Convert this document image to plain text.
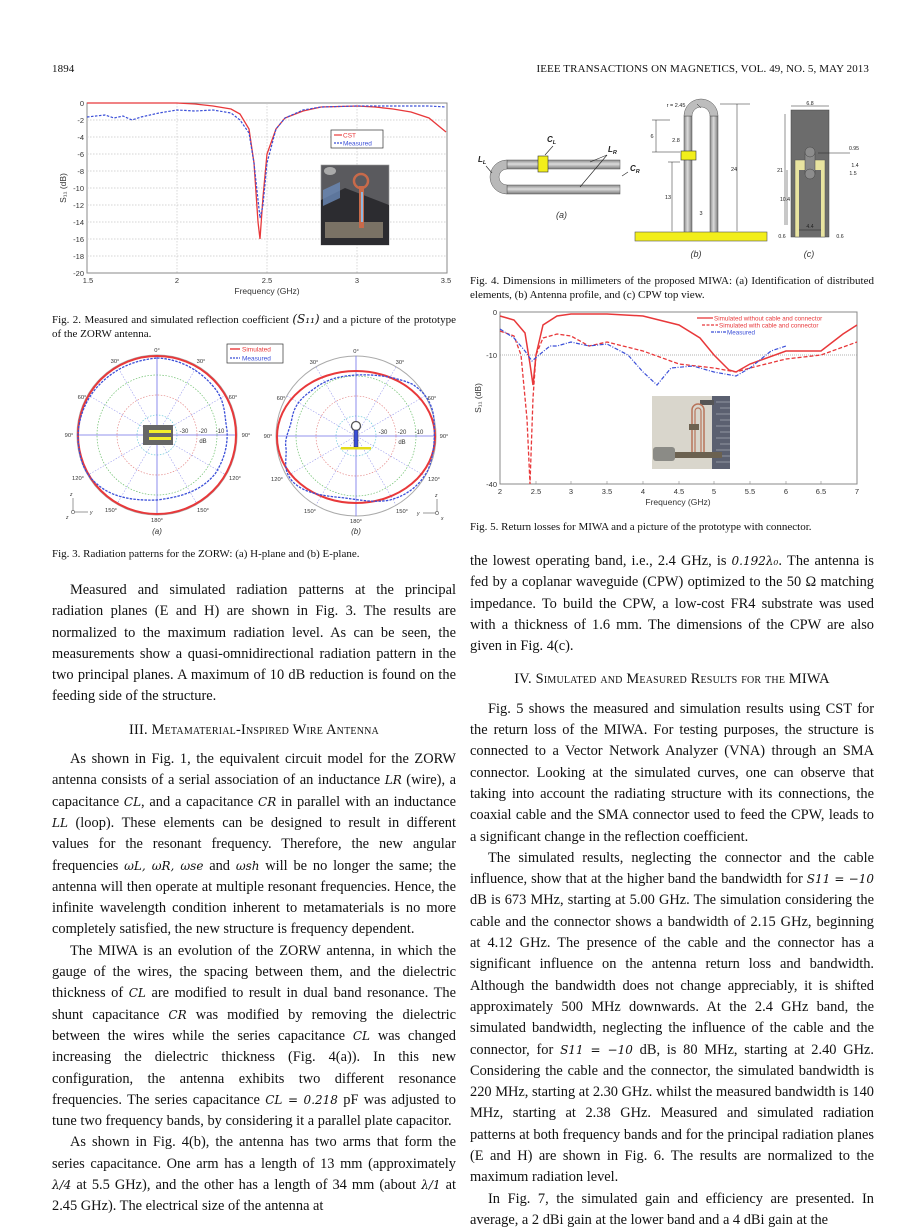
1894	IEEE TRANSACTIONS ON MAGNETICS, VOL. 49, NO. 5, MAY 2013
0
-2
-4
-6
-8
-10
-12
-14
-16
-18
-20
1.5	2	2.5	3	3.5
Frequency (GHz)
S₁₁ (dB)
CST
Measured
Fig. 2. Measured and simulated reflection coefficient (S₁₁) and a picture of the prototype of the ZORW antenna.
0°
30°	30°
60°	60°
90°	90°
120°	120°
150°	150°
180°
-30 -20 -10
dB
z
y
z
0°
30°	30°
60°	60°
90°	90°
120°	120°
150°	150°
180°
-30 -20 -10
dB
z
y
x
Simulated
Measured
(a)	(b)
Fig. 3. Radiation patterns for the ZORW: (a) H-plane and (b) E-plane.

Measured and simulated radiation patterns at the principal radiation planes (E and H) are shown in Fig. 3. The results are normalized to the maximum radiation level. As can be seen, the measurements show a quasi-omnidirectional radiation pattern in the two principal planes. A maximum of 10 dB reduction is found on the feeding side of the structure.

III. Metamaterial-Inspired Wire Antenna

As shown in Fig. 1, the equivalent circuit model for the ZORW antenna consists of a serial association of an inductance LR (wire), a capacitance CL, and a capacitance CR in parallel with an inductance LL (loop). These elements can be designed to result in different values for the resonant frequency. Therefore, the new angular frequencies ωL, ωR, ωse and ωsh will be no longer the same; the antenna will then operate at multiple resonant frequencies. Hence, the infinite wavelength condition inherent to metamaterials is no more completely satisfied, the new structure is frequency dependent.

The MIWA is an evolution of the ZORW antenna, in which the gauge of the wires, the spacing between them, and the dielectric thickness of CL are modified to result in dual band resonance. The shunt capacitance CR was modified by removing the dielectric between the wires while the series capacitance CL was changed increasing the dielectric thickness (Fig. 4(a)). In this new configuration, the antenna exhibits two different resonance frequencies. The series capacitance CL = 0.218 pF was adjusted to tune two frequency bands, by considering it a parallel plate capacitor.

As shown in Fig. 4(b), the antenna has two arms that form the series capacitance. One arm has a length of 13 mm (approximately λ/4 at 5.5 GHz), and the other has a length of 34 mm (about λ/1 at 2.45 GHz). The electrical size of the antenna at

$C_L$
$L_R$
$L_L$
$C_R$
(a)
r = 2.45
6
2.8
24
13
3
(b)
6.8
0.95
21
1.4
1.5
10.4
4.4
0.6	0.6
(c)
Fig. 4. Dimensions in millimeters of the proposed MIWA: (a) Identification of distributed elements, (b) Antenna profile, and (c) CPW top view.
0
-10
-40
2	2.5	3	3.5	4	4.5	5	5.5	6	6.5	7
Frequency (GHz)
S₁₁ (dB)
Simulated without cable and connector
Simulated with cable and connector
Measured
Fig. 5. Return losses for MIWA and a picture of the prototype with connector.

the lowest operating band, i.e., 2.4 GHz, is 0.192λ₀. The antenna is fed by a coplanar waveguide (CPW) optimized to the 50 Ω matching impedance. To build the CPW, a low-cost FR4 substrate was used with a thickness of 1.6 mm. The dimensions of the CPW are also given in Fig. 4(c).

IV. Simulated and Measured Results for the MIWA

Fig. 5 shows the measured and simulation results using CST for the return loss of the MIWA. For testing purposes, the structure is connected to a Vector Network Analyzer (VNA) through an SMA connector. Looking at the simulated curves, one can observe that taking into account the radiating structure with its connections, the coaxial cable and the SMA connector used to feed the CPW, leads to a significant change in the reflection coefficient.

The simulated results, neglecting the connector and the cable influence, show that at the higher band the bandwidth for S11 = −10 dB is 673 MHz, starting at 5.00 GHz. The simulation considering the cable and the connector shows a bandwidth of 2.15 GHz, beginning at 4.12 GHz. The presence of the cable and the connector has a significant influence on the antenna return loss and bandwidth. Although the bandwidth does not change appreciably, it is shifted approximately 500 MHz downwards. At the 2.4 GHz band, the simulated bandwidth, neglecting the influence of the cable and the connector, for S11 = −10 dB, is 80 MHz, starting at 2.40 GHz. Considering the cable and the connector, the simulated bandwidth is 220 MHz, starting at 2.30 GHz. whilst the measured bandwidth is 140 MHz, starting at 2.38 GHz. Measured and simulated radiation patterns at both frequency bands and for the principal radiation planes (E and H) are shown in Fig. 6. The results are normalized to the maximum radiation level.

In Fig. 7, the simulated gain and efficiency are presented. In average, a 2 dBi gain at the lower band and a 4 dBi gain at the
